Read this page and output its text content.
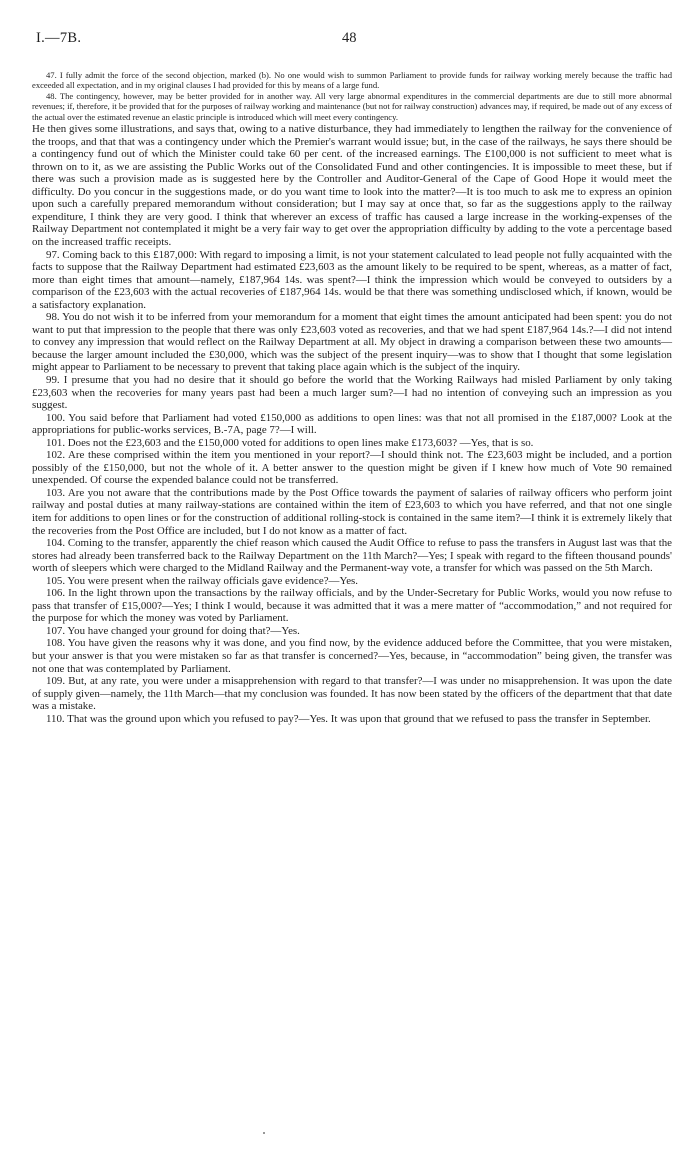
I.—7B.	48

47. I fully admit the force of the second objection, marked (b). No one would wish to summon Parliament to provide funds for railway working merely because the traffic had exceeded all expectation, and in my original clauses I had provided for this by means of a large fund.

48. The contingency, however, may be better provided for in another way. All very large abnormal expenditures in the commercial departments are due to still more abnormal revenues; if, therefore, it be provided that for the purposes of railway working and maintenance (but not for railway construction) advances may, if required, be made out of any excess of the actual over the estimated revenue an elastic principle is introduced which will meet every contingency.

He then gives some illustrations, and says that, owing to a native disturbance, they had immediately to lengthen the railway for the convenience of the troops, and that that was a contingency under which the Premier's warrant would issue; but, in the case of the railways, he says there should be a contingency fund out of which the Minister could take 60 per cent. of the increased earnings. The £100,000 is not sufficient to meet what is thrown on to it, as we are assisting the Public Works out of the Consolidated Fund and other contingencies. It is impossible to meet these, but if there was such a provision made as is suggested here by the Controller and Auditor-General of the Cape of Good Hope it would meet the difficulty. Do you concur in the suggestions made, or do you want time to look into the matter?—It is too much to ask me to express an opinion upon such a carefully prepared memorandum without consideration; but I may say at once that, so far as the suggestions apply to the railway expenditure, I think they are very good. I think that wherever an excess of traffic has caused a large increase in the working-expenses of the Railway Department not contemplated it might be a very fair way to get over the appropriation difficulty by adding to the vote a percentage based on the increased traffic receipts.

97. Coming back to this £187,000: With regard to imposing a limit, is not your statement calculated to lead people not fully acquainted with the facts to suppose that the Railway Department had estimated £23,603 as the amount likely to be required to be spent, whereas, as a matter of fact, more than eight times that amount—namely, £187,964 14s. was spent?—I think the impression which would be conveyed to outsiders by a comparison of the £23,603 with the actual recoveries of £187,964 14s. would be that there was something undisclosed which, if known, would be a satisfactory explanation.

98. You do not wish it to be inferred from your memorandum for a moment that eight times the amount anticipated had been spent: you do not want to put that impression to the people that there was only £23,603 voted as recoveries, and that we had spent £187,964 14s.?—I did not intend to convey any impression that would reflect on the Railway Department at all. My object in drawing a comparison between these two amounts—because the larger amount included the £30,000, which was the subject of the present inquiry—was to show that I thought that some legislation might appear to Parliament to be necessary to prevent that taking place again which is the subject of the inquiry.

99. I presume that you had no desire that it should go before the world that the Working Railways had misled Parliament by only taking £23,603 when the recoveries for many years past had been a much larger sum?—I had no intention of conveying such an impression as you suggest.

100. You said before that Parliament had voted £150,000 as additions to open lines: was that not all promised in the £187,000? Look at the appropriations for public-works services, B.-7A, page 7?—I will.

101. Does not the £23,603 and the £150,000 voted for additions to open lines make £173,603? —Yes, that is so.

102. Are these comprised within the item you mentioned in your report?—I should think not. The £23,603 might be included, and a portion possibly of the £150,000, but not the whole of it. A better answer to the question might be given if I knew how much of Vote 90 remained unexpended. Of course the expended balance could not be transferred.

103. Are you not aware that the contributions made by the Post Office towards the payment of salaries of railway officers who perform joint railway and postal duties at many railway-stations are contained within the item of £23,603 to which you have referred, and that not one single item for additions to open lines or for the construction of additional rolling-stock is contained in the same item?—I think it is extremely likely that the recoveries from the Post Office are included, but I do not know as a matter of fact.

104. Coming to the transfer, apparently the chief reason which caused the Audit Office to refuse to pass the transfers in August last was that the stores had already been transferred back to the Railway Department on the 11th March?—Yes; I speak with regard to the fifteen thousand pounds' worth of sleepers which were charged to the Midland Railway and the Permanent-way vote, a transfer for which was passed on the 5th March.

105. You were present when the railway officials gave evidence?—Yes.

106. In the light thrown upon the transactions by the railway officials, and by the Under-Secretary for Public Works, would you now refuse to pass that transfer of £15,000?—Yes; I think I would, because it was admitted that it was a mere matter of “accommodation,” and not required for the purpose for which the money was voted by Parliament.

107. You have changed your ground for doing that?—Yes.

108. You have given the reasons why it was done, and you find now, by the evidence adduced before the Committee, that you were mistaken, but your answer is that you were mistaken so far as that transfer is concerned?—Yes, because, in “accommodation” being given, the transfer was not one that was contemplated by Parliament.

109. But, at any rate, you were under a misapprehension with regard to that transfer?—I was under no misapprehension. It was upon the date of supply given—namely, the 11th March—that my conclusion was founded. It has now been stated by the officers of the department that that date was a mistake.

110. That was the ground upon which you refused to pay?—Yes. It was upon that ground that we refused to pass the transfer in September.
